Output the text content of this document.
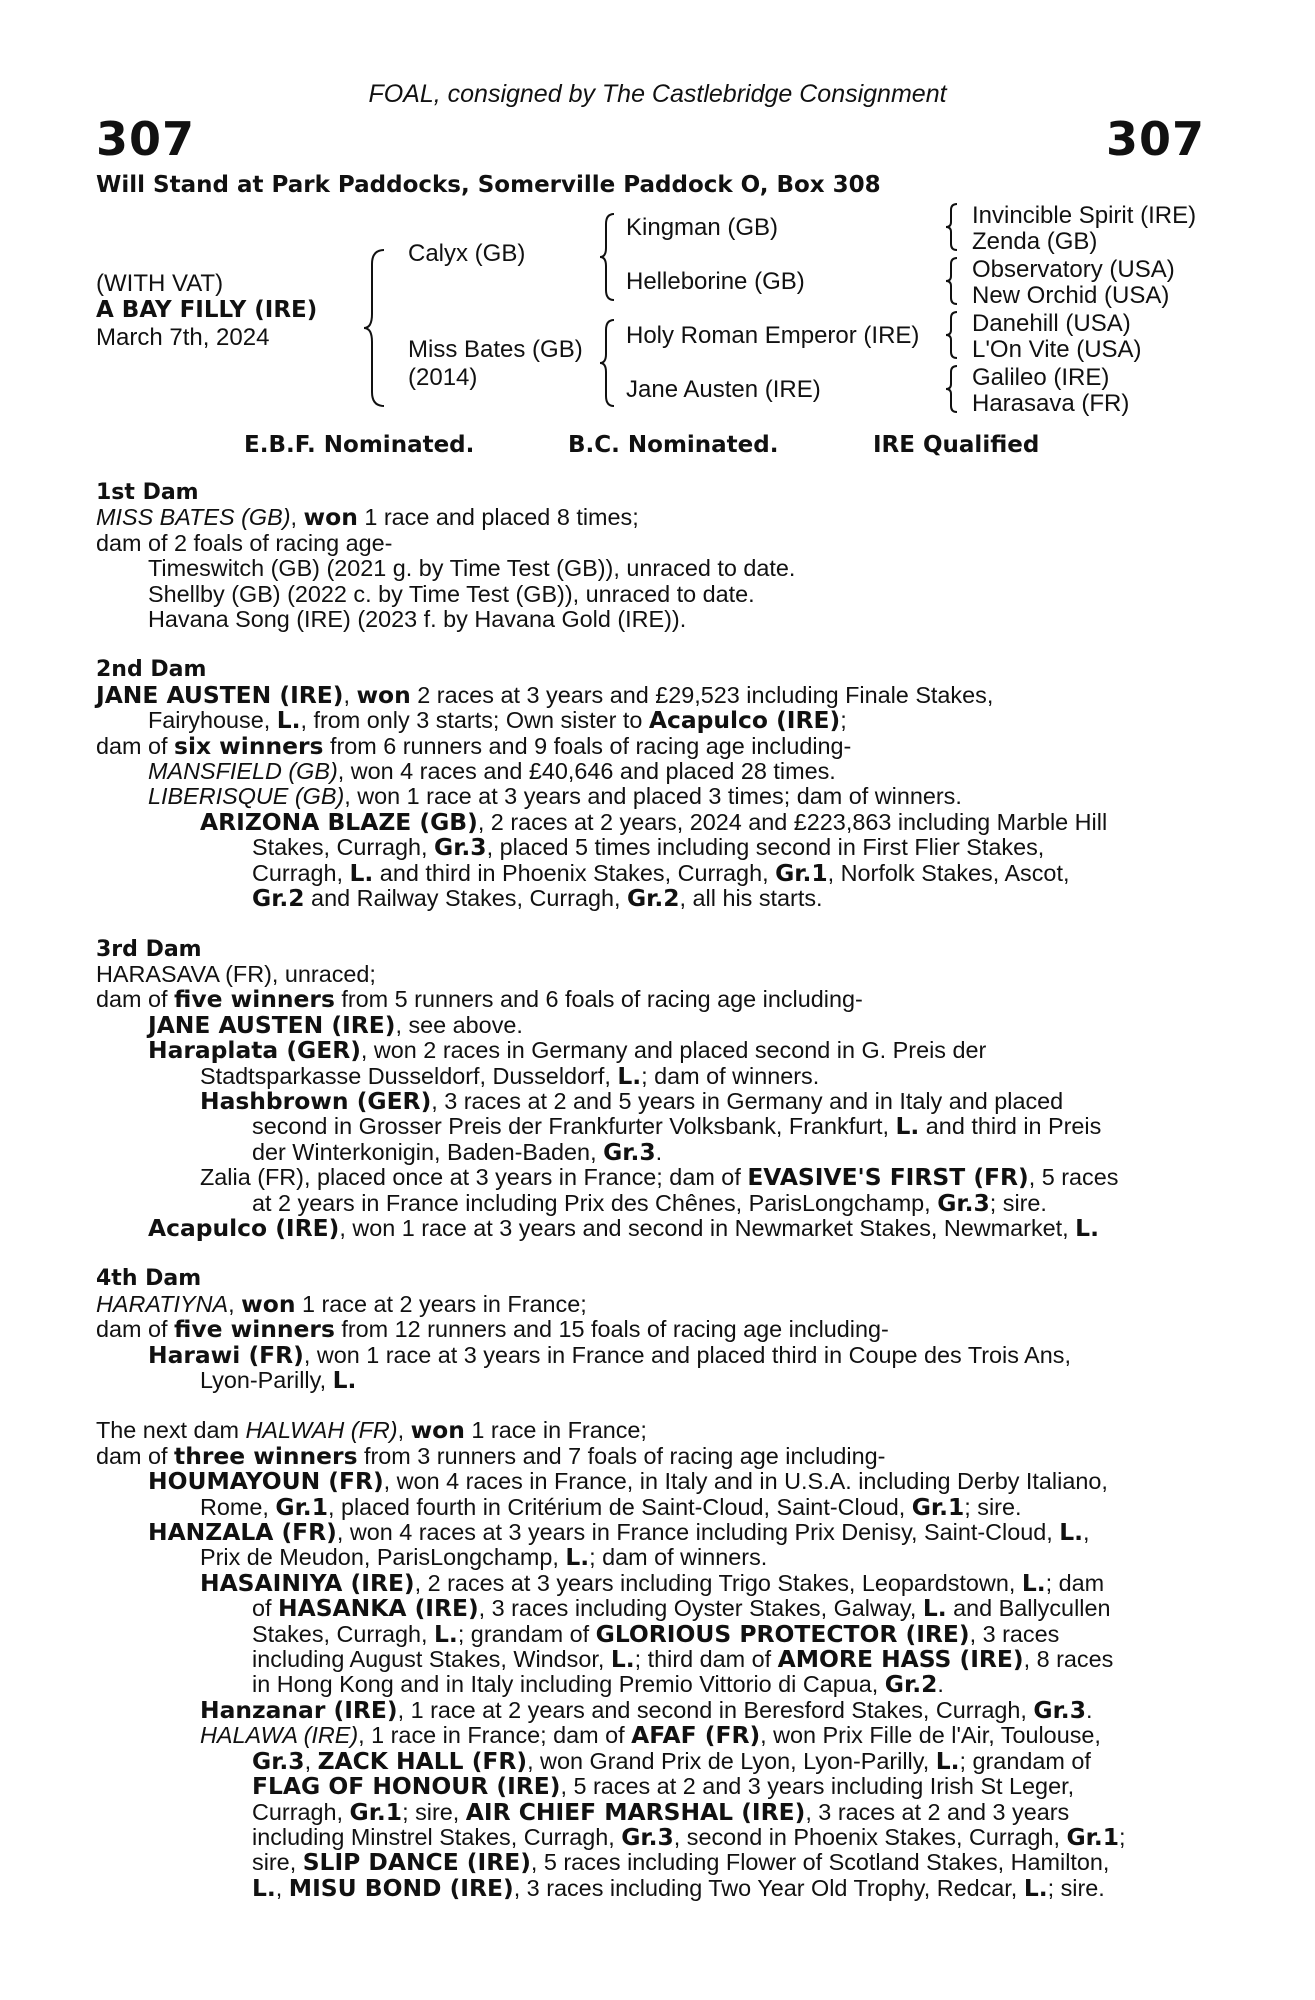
FOAL, consigned by The Castlebridge Consignment
307	307
Will Stand at Park Paddocks, Somerville Paddock O, Box 308
(WITH VAT)
A BAY FILLY (IRE)
March 7th, 2024
Calyx (GB)
Miss Bates (GB)
(2014)
Kingman (GB)
Helleborine (GB)
Holy Roman Emperor (IRE)
Jane Austen (IRE)
Invincible Spirit (IRE)
Zenda (GB)
Observatory (USA)
New Orchid (USA)
Danehill (USA)
L'On Vite (USA)
Galileo (IRE)
Harasava (FR)
E.B.F. Nominated.	B.C. Nominated.	IRE Qualified
1st Dam
MISS BATES (GB), won 1 race and placed 8 times;
dam of 2 foals of racing age-
Timeswitch (GB) (2021 g. by Time Test (GB)), unraced to date.
Shellby (GB) (2022 c. by Time Test (GB)), unraced to date.
Havana Song (IRE) (2023 f. by Havana Gold (IRE)).
2nd Dam
JANE AUSTEN (IRE), won 2 races at 3 years and £29,523 including Finale Stakes,
Fairyhouse, L., from only 3 starts; Own sister to Acapulco (IRE);
dam of six winners from 6 runners and 9 foals of racing age including-
MANSFIELD (GB), won 4 races and £40,646 and placed 28 times.
LIBERISQUE (GB), won 1 race at 3 years and placed 3 times; dam of winners.
ARIZONA BLAZE (GB), 2 races at 2 years, 2024 and £223,863 including Marble Hill
Stakes, Curragh, Gr.3, placed 5 times including second in First Flier Stakes,
Curragh, L. and third in Phoenix Stakes, Curragh, Gr.1, Norfolk Stakes, Ascot,
Gr.2 and Railway Stakes, Curragh, Gr.2, all his starts.
3rd Dam
HARASAVA (FR), unraced;
dam of five winners from 5 runners and 6 foals of racing age including-
JANE AUSTEN (IRE), see above.
Haraplata (GER), won 2 races in Germany and placed second in G. Preis der
Stadtsparkasse Dusseldorf, Dusseldorf, L.; dam of winners.
Hashbrown (GER), 3 races at 2 and 5 years in Germany and in Italy and placed
second in Grosser Preis der Frankfurter Volksbank, Frankfurt, L. and third in Preis
der Winterkonigin, Baden-Baden, Gr.3.
Zalia (FR), placed once at 3 years in France; dam of EVASIVE'S FIRST (FR), 5 races
at 2 years in France including Prix des Chênes, ParisLongchamp, Gr.3; sire.
Acapulco (IRE), won 1 race at 3 years and second in Newmarket Stakes, Newmarket, L.
4th Dam
HARATIYNA, won 1 race at 2 years in France;
dam of five winners from 12 runners and 15 foals of racing age including-
Harawi (FR), won 1 race at 3 years in France and placed third in Coupe des Trois Ans,
Lyon-Parilly, L.
The next dam HALWAH (FR), won 1 race in France;
dam of three winners from 3 runners and 7 foals of racing age including-
HOUMAYOUN (FR), won 4 races in France, in Italy and in U.S.A. including Derby Italiano,
Rome, Gr.1, placed fourth in Critérium de Saint-Cloud, Saint-Cloud, Gr.1; sire.
HANZALA (FR), won 4 races at 3 years in France including Prix Denisy, Saint-Cloud, L.,
Prix de Meudon, ParisLongchamp, L.; dam of winners.
HASAINIYA (IRE), 2 races at 3 years including Trigo Stakes, Leopardstown, L.; dam
of HASANKA (IRE), 3 races including Oyster Stakes, Galway, L. and Ballycullen
Stakes, Curragh, L.; grandam of GLORIOUS PROTECTOR (IRE), 3 races
including August Stakes, Windsor, L.; third dam of AMORE HASS (IRE), 8 races
in Hong Kong and in Italy including Premio Vittorio di Capua, Gr.2.
Hanzanar (IRE), 1 race at 2 years and second in Beresford Stakes, Curragh, Gr.3.
HALAWA (IRE), 1 race in France; dam of AFAF (FR), won Prix Fille de l'Air, Toulouse,
Gr.3, ZACK HALL (FR), won Grand Prix de Lyon, Lyon-Parilly, L.; grandam of
FLAG OF HONOUR (IRE), 5 races at 2 and 3 years including Irish St Leger,
Curragh, Gr.1; sire, AIR CHIEF MARSHAL (IRE), 3 races at 2 and 3 years
including Minstrel Stakes, Curragh, Gr.3, second in Phoenix Stakes, Curragh, Gr.1;
sire, SLIP DANCE (IRE), 5 races including Flower of Scotland Stakes, Hamilton,
L., MISU BOND (IRE), 3 races including Two Year Old Trophy, Redcar, L.; sire.
